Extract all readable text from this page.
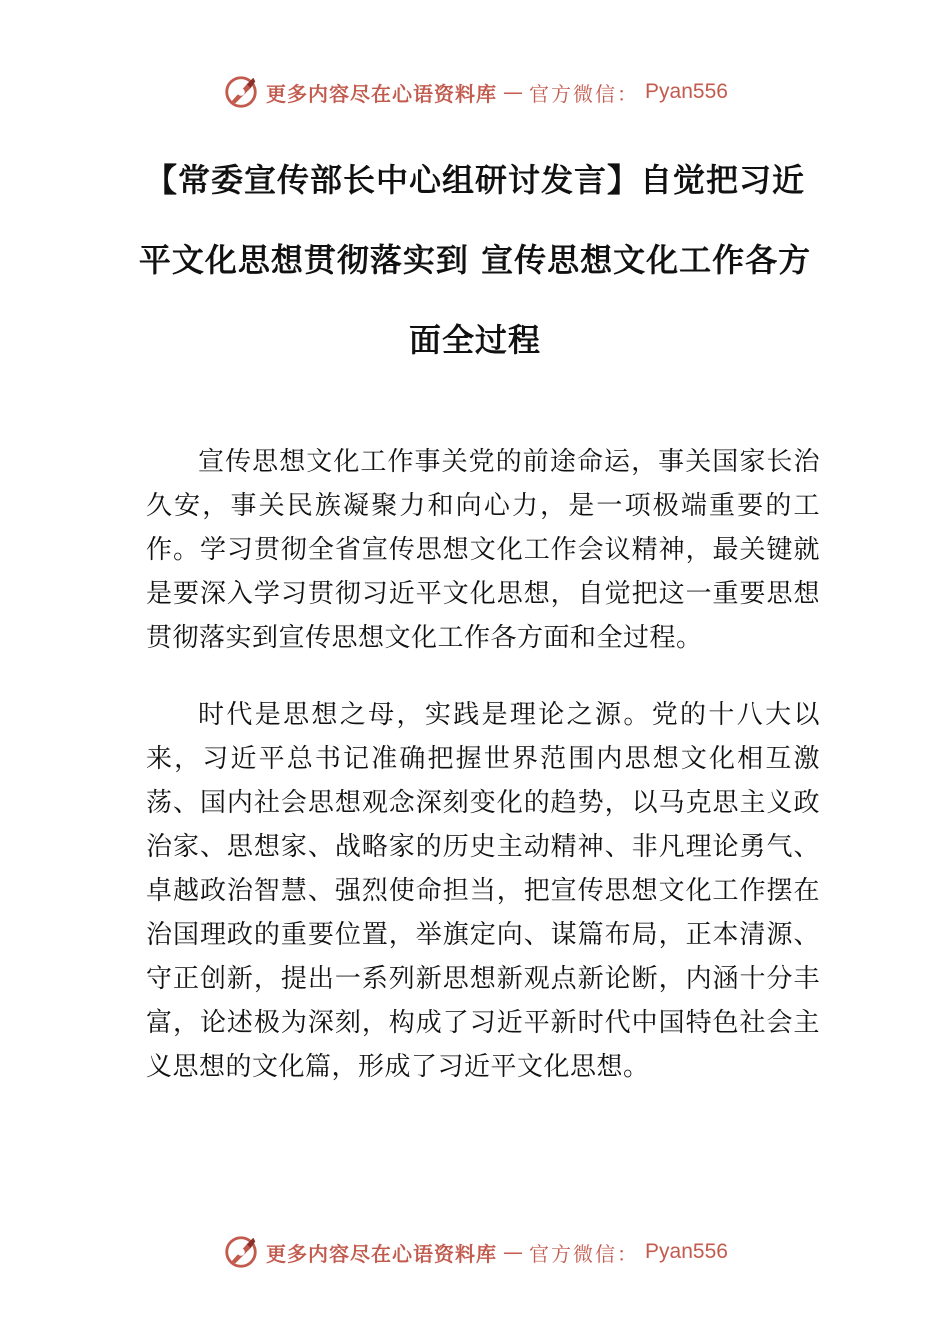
更多内容尽在心语资料库 — 官方微信： Pyan556
【常委宣传部长中心组研讨发言】自觉把习近平文化思想贯彻落实到 宣传思想文化工作各方面全过程

宣传思想文化工作事关党的前途命运，事关国家长治久安，事关民族凝聚力和向心力，是一项极端重要的工作。学习贯彻全省宣传思想文化工作会议精神，最关键就是要深入学习贯彻习近平文化思想，自觉把这一重要思想贯彻落实到宣传思想文化工作各方面和全过程。

时代是思想之母，实践是理论之源。党的十八大以来，习近平总书记准确把握世界范围内思想文化相互激荡、国内社会思想观念深刻变化的趋势，以马克思主义政治家、思想家、战略家的历史主动精神、非凡理论勇气、卓越政治智慧、强烈使命担当，把宣传思想文化工作摆在治国理政的重要位置，举旗定向、谋篇布局，正本清源、守正创新，提出一系列新思想新观点新论断，内涵十分丰富，论述极为深刻，构成了习近平新时代中国特色社会主义思想的文化篇，形成了习近平文化思想。

更多内容尽在心语资料库 — 官方微信： Pyan556
